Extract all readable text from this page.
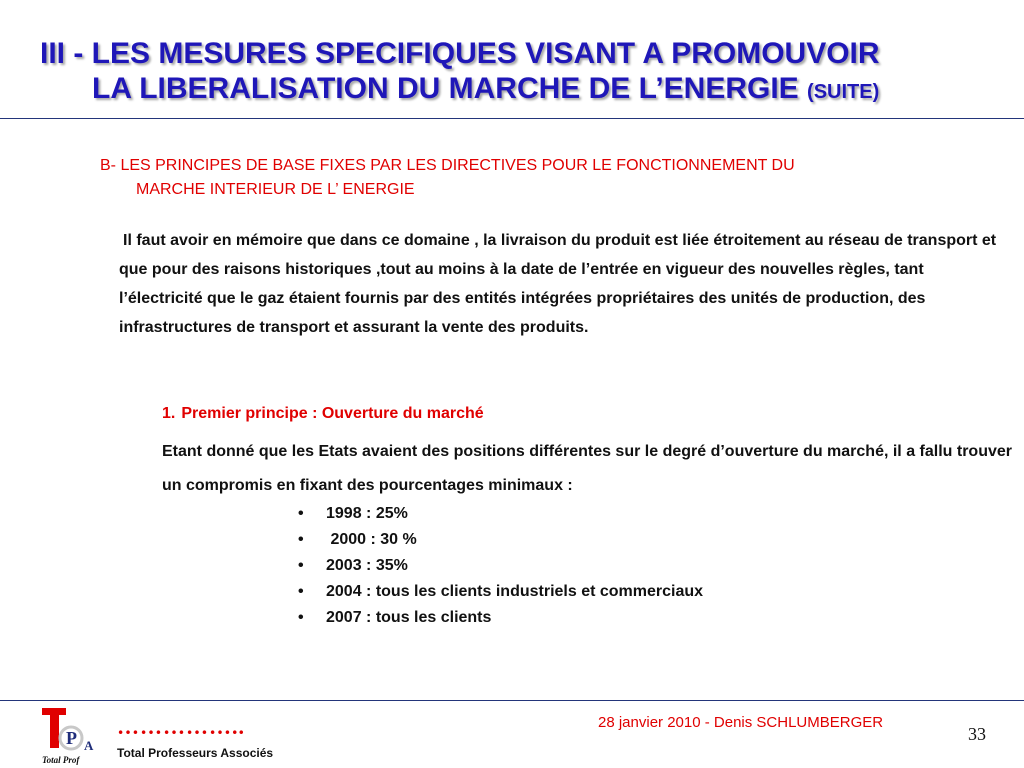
III - LES MESURES SPECIFIQUES VISANT A PROMOUVOIR
LA LIBERALISATION DU MARCHE DE L’ENERGIE (SUITE)
B- LES PRINCIPES DE BASE FIXES PAR LES DIRECTIVES POUR LE FONCTIONNEMENT DU
MARCHE INTERIEUR DE L’ ENERGIE
Il faut avoir en mémoire que dans ce domaine , la livraison du produit est liée étroitement au réseau de transport et que pour des raisons historiques ,tout au moins à la date de l’entrée en vigueur des nouvelles règles, tant l’électricité que le gaz étaient fournis par des entités intégrées propriétaires des unités de production, des infrastructures de transport et assurant la vente des produits.
1. Premier principe : Ouverture du marché
Etant donné que les Etats avaient des positions différentes sur le degré d’ouverture du marché, il a fallu trouver un compromis en fixant des pourcentages minimaux :
• 1998 : 25%
• 2000 : 30 %
• 2003 : 35%
• 2004 : tous les clients industriels et commerciaux
• 2007 : tous les clients
P A
Total Prof
……………..
Total Professeurs Associés
28 janvier 2010 - Denis SCHLUMBERGER
33
